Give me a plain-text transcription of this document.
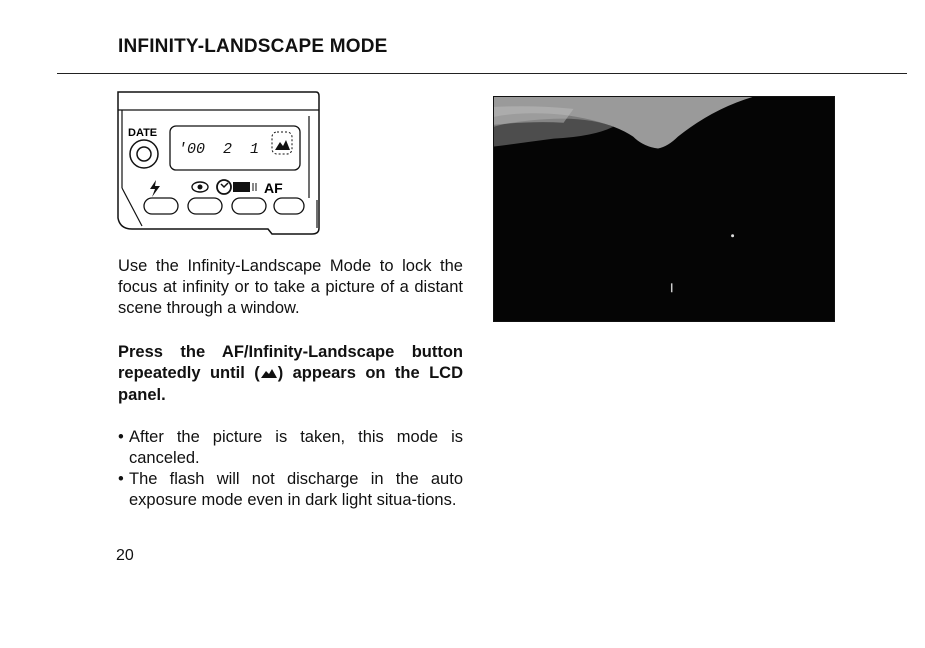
INFINITY-LANDSCAPE MODE
DATE
'00  2  1
AF
Use the Infinity-Landscape Mode to lock the focus at infinity or to take a picture of a distant scene through a window.
Press the AF/Infinity-Landscape button repeatedly until ( ) appears on the LCD panel.
• After the picture is taken, this mode is canceled.
• The flash will not discharge in the auto exposure mode even in dark light situa-tions.
20
